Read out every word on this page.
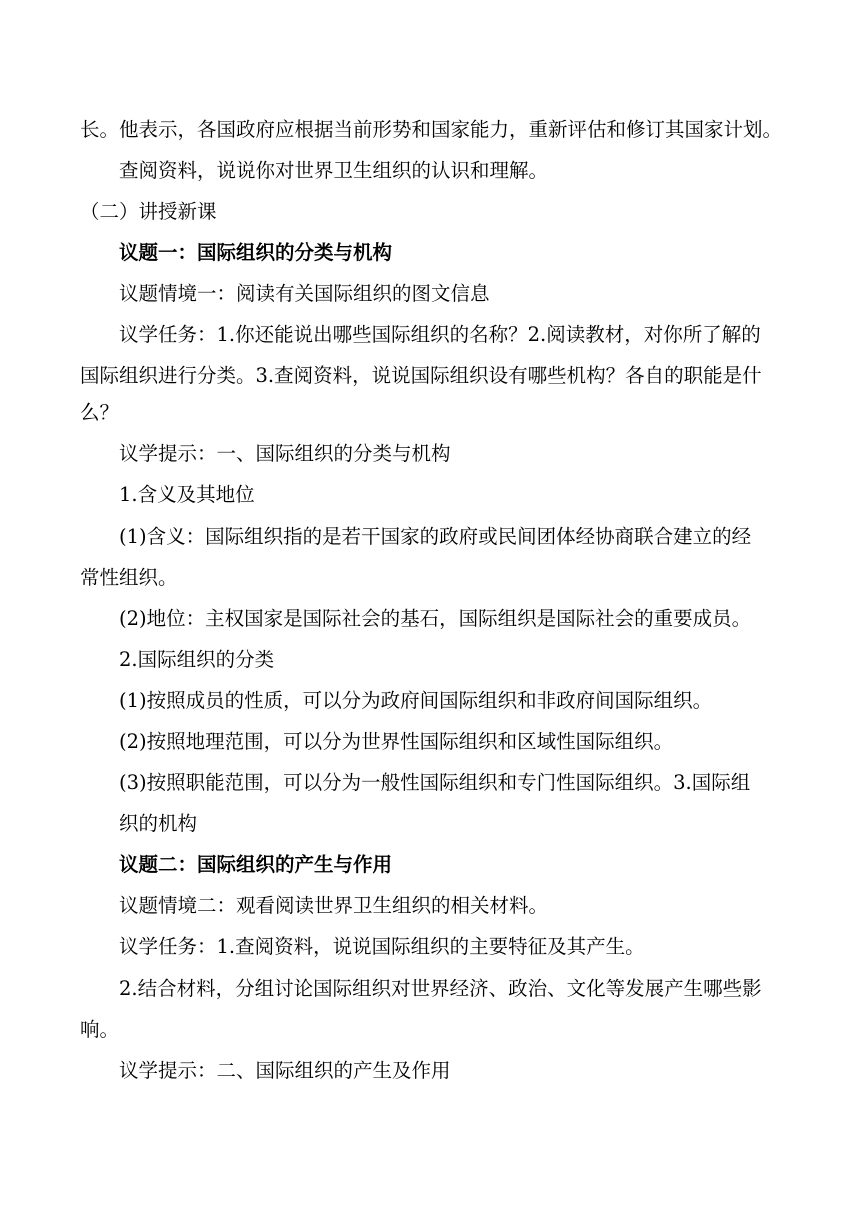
长。他表示，各国政府应根据当前形势和国家能力，重新评估和修订其国家计划。
查阅资料，说说你对世界卫生组织的认识和理解。
（二）讲授新课
议题一：国际组织的分类与机构
议题情境一：阅读有关国际组织的图文信息
议学任务：1.你还能说出哪些国际组织的名称？2.阅读教材，对你所了解的
国际组织进行分类。3.查阅资料，说说国际组织设有哪些机构？各自的职能是什
么？
议学提示：一、国际组织的分类与机构
1.含义及其地位
(1)含义：国际组织指的是若干国家的政府或民间团体经协商联合建立的经
常性组织。
(2)地位：主权国家是国际社会的基石，国际组织是国际社会的重要成员。
2.国际组织的分类
(1)按照成员的性质，可以分为政府间国际组织和非政府间国际组织。
(2)按照地理范围，可以分为世界性国际组织和区域性国际组织。
(3)按照职能范围，可以分为一般性国际组织和专门性国际组织。3.国际组
织的机构
议题二：国际组织的产生与作用
议题情境二：观看阅读世界卫生组织的相关材料。
议学任务：1.查阅资料，说说国际组织的主要特征及其产生。
2.结合材料，分组讨论国际组织对世界经济、政治、文化等发展产生哪些影
响。
议学提示：二、国际组织的产生及作用
